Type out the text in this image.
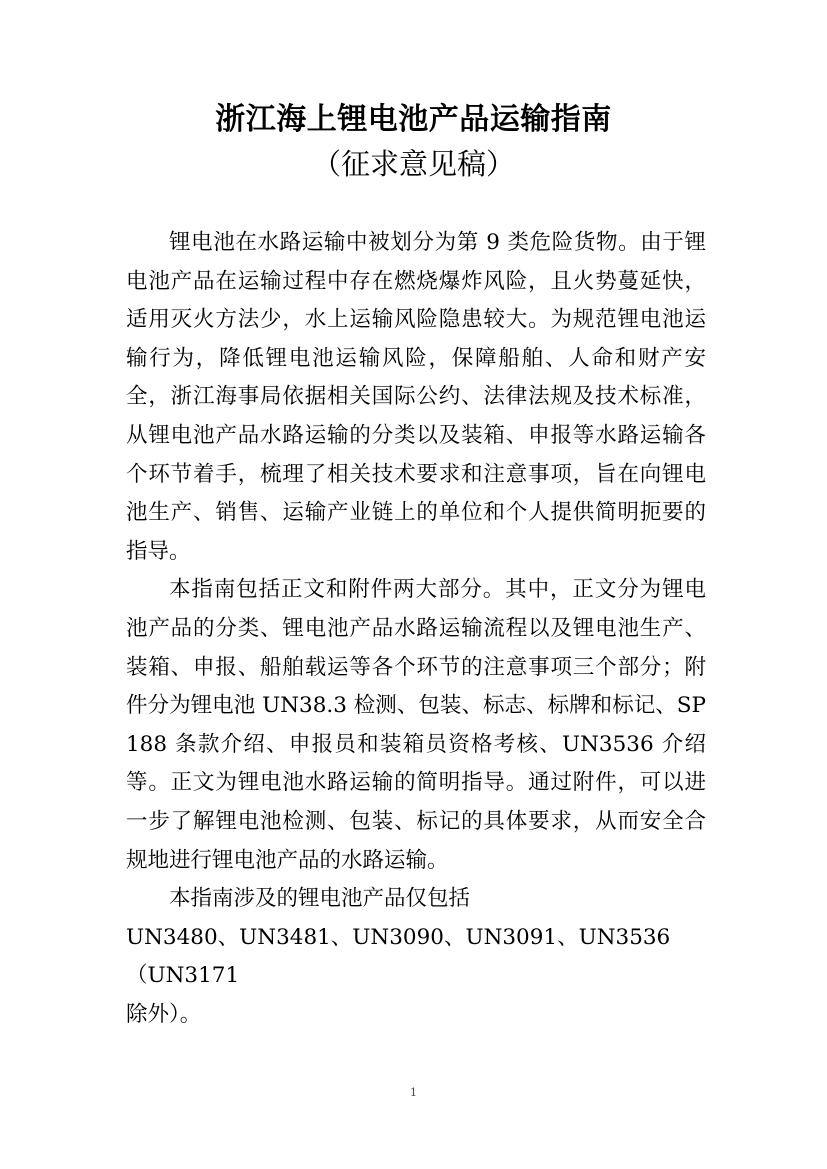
浙江海上锂电池产品运输指南
（征求意见稿）

锂电池在水路运输中被划分为第 9 类危险货物。由于锂电池产品在运输过程中存在燃烧爆炸风险，且火势蔓延快，适用灭火方法少，水上运输风险隐患较大。为规范锂电池运输行为，降低锂电池运输风险，保障船舶、人命和财产安全，浙江海事局依据相关国际公约、法律法规及技术标准，从锂电池产品水路运输的分类以及装箱、申报等水路运输各个环节着手，梳理了相关技术要求和注意事项，旨在向锂电池生产、销售、运输产业链上的单位和个人提供简明扼要的指导。

本指南包括正文和附件两大部分。其中，正文分为锂电池产品的分类、锂电池产品水路运输流程以及锂电池生产、装箱、申报、船舶载运等各个环节的注意事项三个部分；附件分为锂电池 UN38.3 检测、包装、标志、标牌和标记、SP188 条款介绍、申报员和装箱员资格考核、UN3536 介绍等。正文为锂电池水路运输的简明指导。通过附件，可以进一步了解锂电池检测、包装、标记的具体要求，从而安全合规地进行锂电池产品的水路运输。

本指南涉及的锂电池产品仅包括
UN3480、UN3481、UN3090、UN3091、UN3536（UN3171
除外）。
1
